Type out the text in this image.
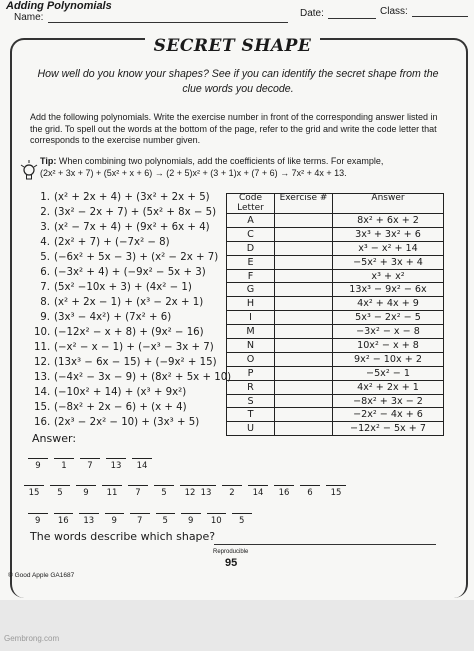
Adding Polynomials
Name:	Date:	Class:
SECRET SHAPE
How well do you know your shapes? See if you can identify the secret shape from the clue words you decode.
Add the following polynomials. Write the exercise number in front of the corresponding answer listed in the grid. To spell out the words at the bottom of the page, refer to the grid and write the code letter that corresponds to the exercise number given.
Tip: When combining two polynomials, add the coefficients of like terms. For example,
(2x² + 3x + 7) + (5x² + x + 6) → (2 + 5)x² + (3 + 1)x + (7 + 6) → 7x² + 4x + 13.
1. (x² + 2x + 4) + (3x² + 2x + 5)
2. (3x² − 2x + 7) + (5x² + 8x − 5)
3. (x² − 7x + 4) + (9x² + 6x + 4)
4. (2x² + 7) + (−7x² − 8)
5. (−6x² + 5x − 3) + (x² − 2x + 7)
6. (−3x² + 4) + (−9x² − 5x + 3)
7. (5x² −10x + 3) + (4x² − 1)
8. (x² + 2x − 1) + (x³ − 2x + 1)
9. (3x³ − 4x²) + (7x² + 6)
10. (−12x² − x + 8) + (9x² − 16)
11. (−x² − x − 1) + (−x³ − 3x + 7)
12. (13x³ − 6x − 15) + (−9x² + 15)
13. (−4x² − 3x − 9) + (8x² + 5x + 10)
14. (−10x² + 14) + (x³ + 9x²)
15. (−8x² + 2x − 6) + (x + 4)
16. (2x³ − 2x² − 10) + (3x³ + 5)
Code Letter	Exercise #	Answer
A		8x² + 6x + 2
C		3x³ + 3x² + 6
D		x³ − x² + 14
E		−5x² + 3x + 4
F		x³ + x²
G		13x³ − 9x² − 6x
H		4x² + 4x + 9
I		5x³ − 2x² − 5
M		−3x² − x − 8
N		10x² − x + 8
O		9x² − 10x + 2
P		−5x² − 1
R		4x² + 2x + 1
S		−8x² + 3x − 2
T		−2x² − 4x + 6
U		−12x² − 5x + 7
Answer:
9	1	7	13	14
15	5	9	11	7	5	12 13	2	14	16	6	15
9	16	13	9	7	5	9	10	5
The words describe which shape?
Reproducible
95
© Good Apple GA1687
Gembrong.com
